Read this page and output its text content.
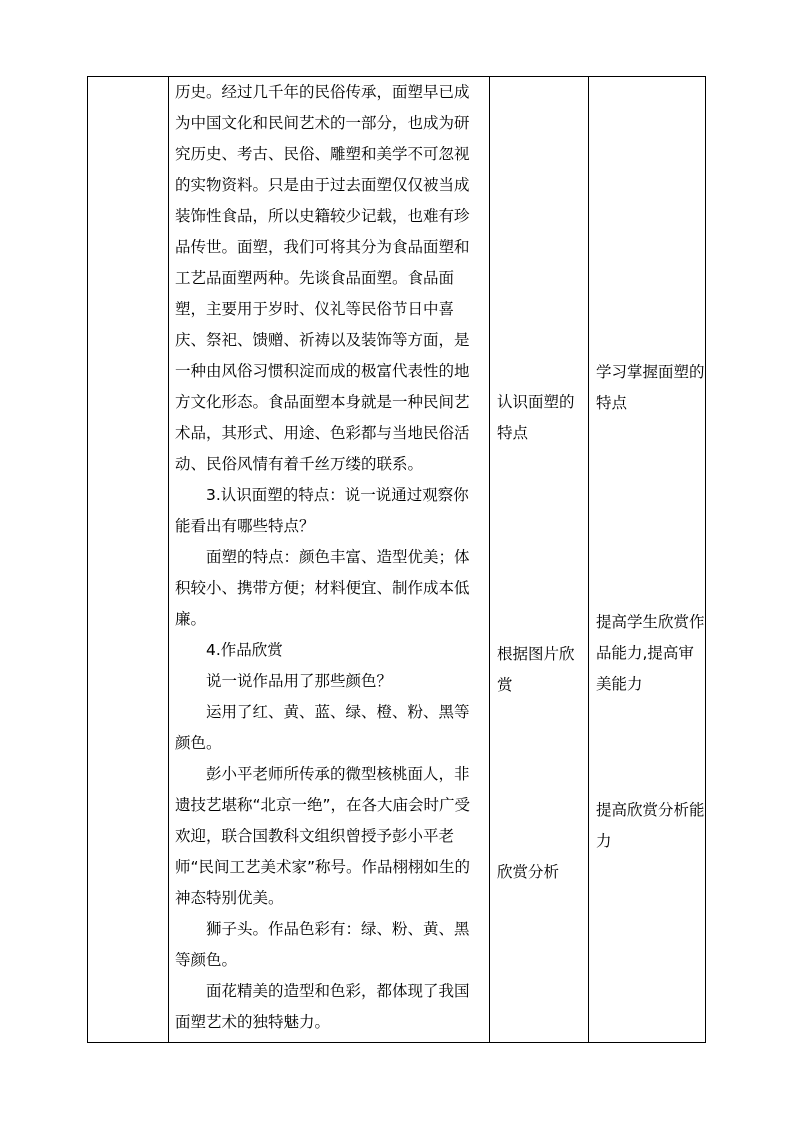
历史。经过几千年的民俗传承，面塑早已成为中国文化和民间艺术的一部分，也成为研究历史、考古、民俗、雕塑和美学不可忽视的实物资料。只是由于过去面塑仅仅被当成装饰性食品，所以史籍较少记载，也难有珍品传世。面塑，我们可将其分为食品面塑和工艺品面塑两种。先谈食品面塑。食品面塑，主要用于岁时、仪礼等民俗节日中喜庆、祭祀、馈赠、祈祷以及装饰等方面，是一种由风俗习惯积淀而成的极富代表性的地方文化形态。食品面塑本身就是一种民间艺术品，其形式、用途、色彩都与当地民俗活动、民俗风情有着千丝万缕的联系。

3.认识面塑的特点：说一说通过观察你能看出有哪些特点？

面塑的特点：颜色丰富、造型优美；体积较小、携带方便；材料便宜、制作成本低廉。

4.作品欣赏

说一说作品用了那些颜色？

运用了红、黄、蓝、绿、橙、粉、黑等颜色。

彭小平老师所传承的微型核桃面人，非遗技艺堪称“北京一绝”，在各大庙会时广受欢迎，联合国教科文组织曾授予彭小平老师“民间工艺美术家”称号。作品栩栩如生的神态特别优美。

狮子头。作品色彩有：绿、粉、黄、黑等颜色。

面花精美的造型和色彩，都体现了我国面塑艺术的独特魅力。

认识面塑的特点
根据图片欣赏
欣赏分析
学习掌握面塑的特点
提高学生欣赏作品能力,提高审美能力
提高欣赏分析能力
